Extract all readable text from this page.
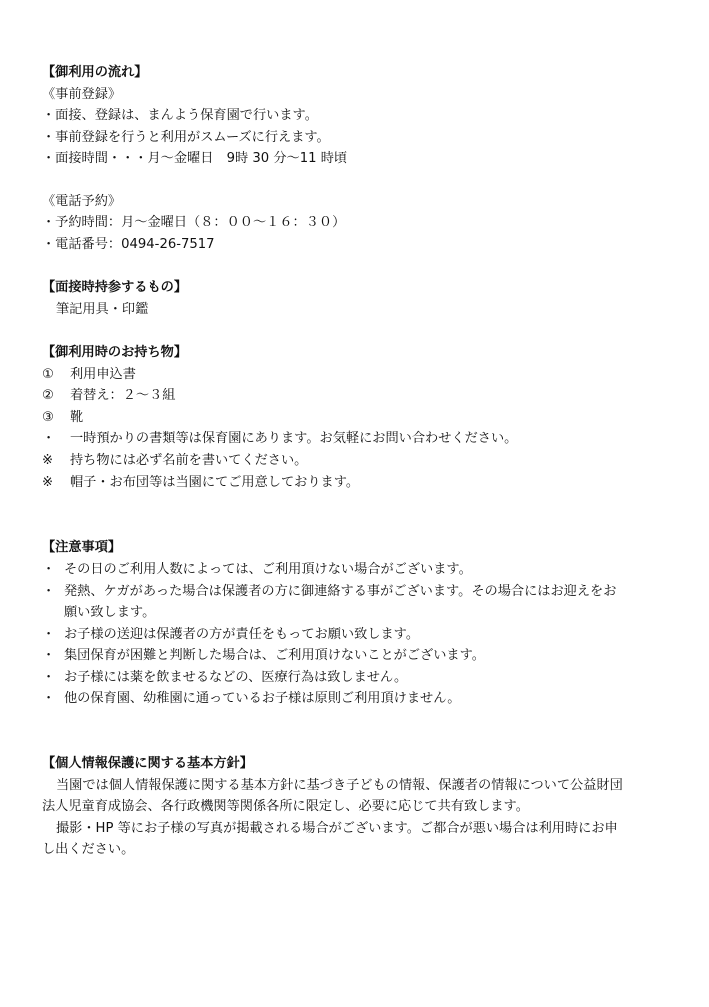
【御利用の流れ】
《事前登録》
・面接、登録は、まんよう保育園で行います。
・事前登録を行うと利用がスムーズに行えます。
・面接時間・・・月～金曜日　9時 30 分～11 時頃
《電話予約》
・予約時間：月～金曜日（８：００～１６：３０）
・電話番号：0494-26-7517
【面接時持参するもの】
筆記用具・印鑑
【御利用時のお持ち物】
① 利用申込書
② 着替え：２～３組
③ 靴
・ 一時預かりの書類等は保育園にあります。お気軽にお問い合わせください。
※ 持ち物には必ず名前を書いてください。
※ 帽子・お布団等は当園にてご用意しております。
【注意事項】
・ その日のご利用人数によっては、ご利用頂けない場合がございます。
・ 発熱、ケガがあった場合は保護者の方に御連絡する事がございます。その場合にはお迎えをお
願い致します。
・ お子様の送迎は保護者の方が責任をもってお願い致します。
・ 集団保育が困難と判断した場合は、ご利用頂けないことがございます。
・ お子様には薬を飲ませるなどの、医療行為は致しません。
・ 他の保育園、幼稚園に通っているお子様は原則ご利用頂けません。
【個人情報保護に関する基本方針】
当園では個人情報保護に関する基本方針に基づき子どもの情報、保護者の情報について公益財団
法人児童育成協会、各行政機関等関係各所に限定し、必要に応じて共有致します。
撮影・HP 等にお子様の写真が掲載される場合がございます。ご都合が悪い場合は利用時にお申
し出ください。
